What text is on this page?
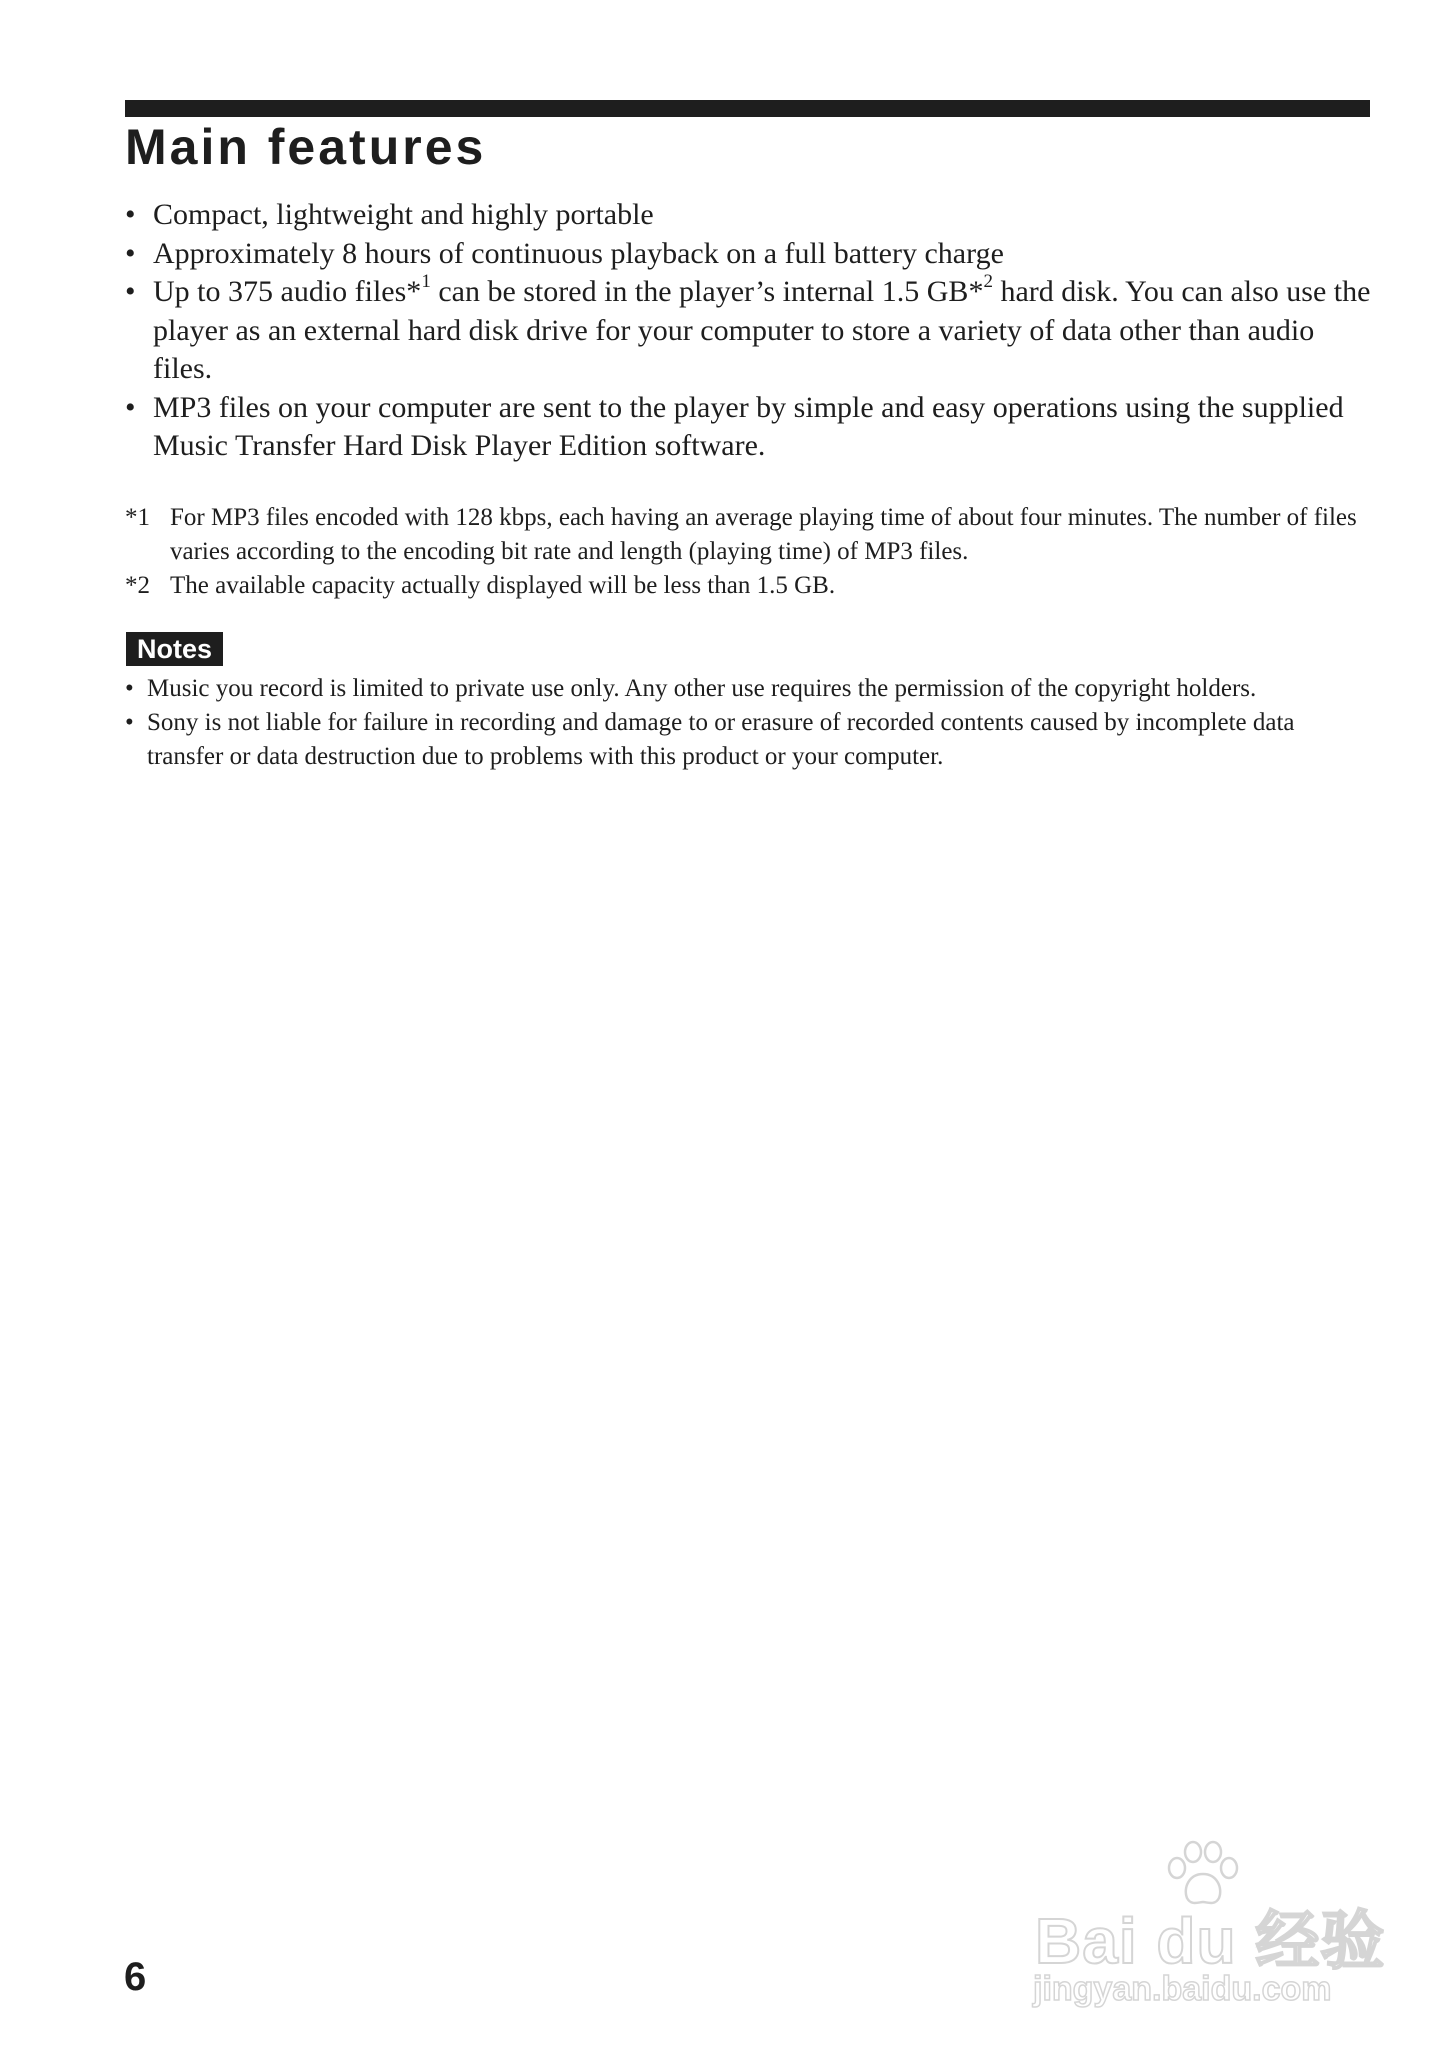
Main features
• Compact, lightweight and highly portable
• Approximately 8 hours of continuous playback on a full battery charge
• Up to 375 audio files*$^1$ can be stored in the player’s internal 1.5 GB*$^2$ hard disk. You can also use the player as an external hard disk drive for your computer to store a variety of data other than audio files.
• MP3 files on your computer are sent to the player by simple and easy operations using the supplied Music Transfer Hard Disk Player Edition software.
*1 For MP3 files encoded with 128 kbps, each having an average playing time of about four minutes. The number of files varies according to the encoding bit rate and length (playing time) of MP3 files.
*2 The available capacity actually displayed will be less than 1.5 GB.
Notes
• Music you record is limited to private use only. Any other use requires the permission of the copyright holders.
• Sony is not liable for failure in recording and damage to or erasure of recorded contents caused by incomplete data transfer or data destruction due to problems with this product or your computer.
6	Bai du 经验
jingyan.baidu.com
